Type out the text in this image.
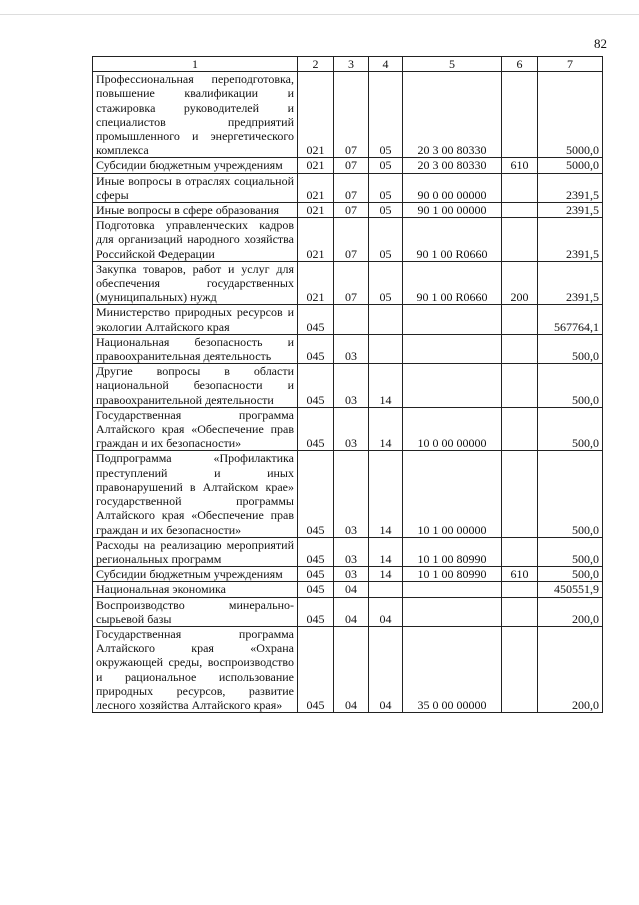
82
1	2	3	4	5	6	7
Профессиональная переподготовка, повышение квалификации и стажировка руководителей и специалистов предприятий промышленного и энергетического комплекса	021	07	05	20 3 00 80330		5000,0
Субсидии бюджетным учреждениям	021	07	05	20 3 00 80330	610	5000,0
Иные вопросы в отраслях социальной сферы	021	07	05	90 0 00 00000		2391,5
Иные вопросы в сфере образования	021	07	05	90 1 00 00000		2391,5
Подготовка управленческих кадров для организаций народного хозяйства Российской Федерации	021	07	05	90 1 00 R0660		2391,5
Закупка товаров, работ и услуг для обеспечения государственных (муниципальных) нужд	021	07	05	90 1 00 R0660	200	2391,5
Министерство природных ресурсов и экологии Алтайского края	045					567764,1
Национальная безопасность и правоохранительная деятельность	045	03				500,0
Другие вопросы в области национальной безопасности и правоохранительной деятельности	045	03	14			500,0
Государственная программа Алтайского края «Обеспечение прав граждан и их безопасности»	045	03	14	10 0 00 00000		500,0
Подпрограмма «Профилактика преступлений и иных правонарушений в Алтайском крае» государственной программы Алтайского края «Обеспечение прав граждан и их безопасности»	045	03	14	10 1 00 00000		500,0
Расходы на реализацию мероприятий региональных программ	045	03	14	10 1 00 80990		500,0
Субсидии бюджетным учреждениям	045	03	14	10 1 00 80990	610	500,0
Национальная экономика	045	04				450551,9
Воспроизводство минерально-сырьевой базы	045	04	04			200,0
Государственная программа Алтайского края «Охрана окружающей среды, воспроизводство и рациональное использование природных ресурсов, развитие лесного хозяйства Алтайского края»	045	04	04	35 0 00 00000		200,0
